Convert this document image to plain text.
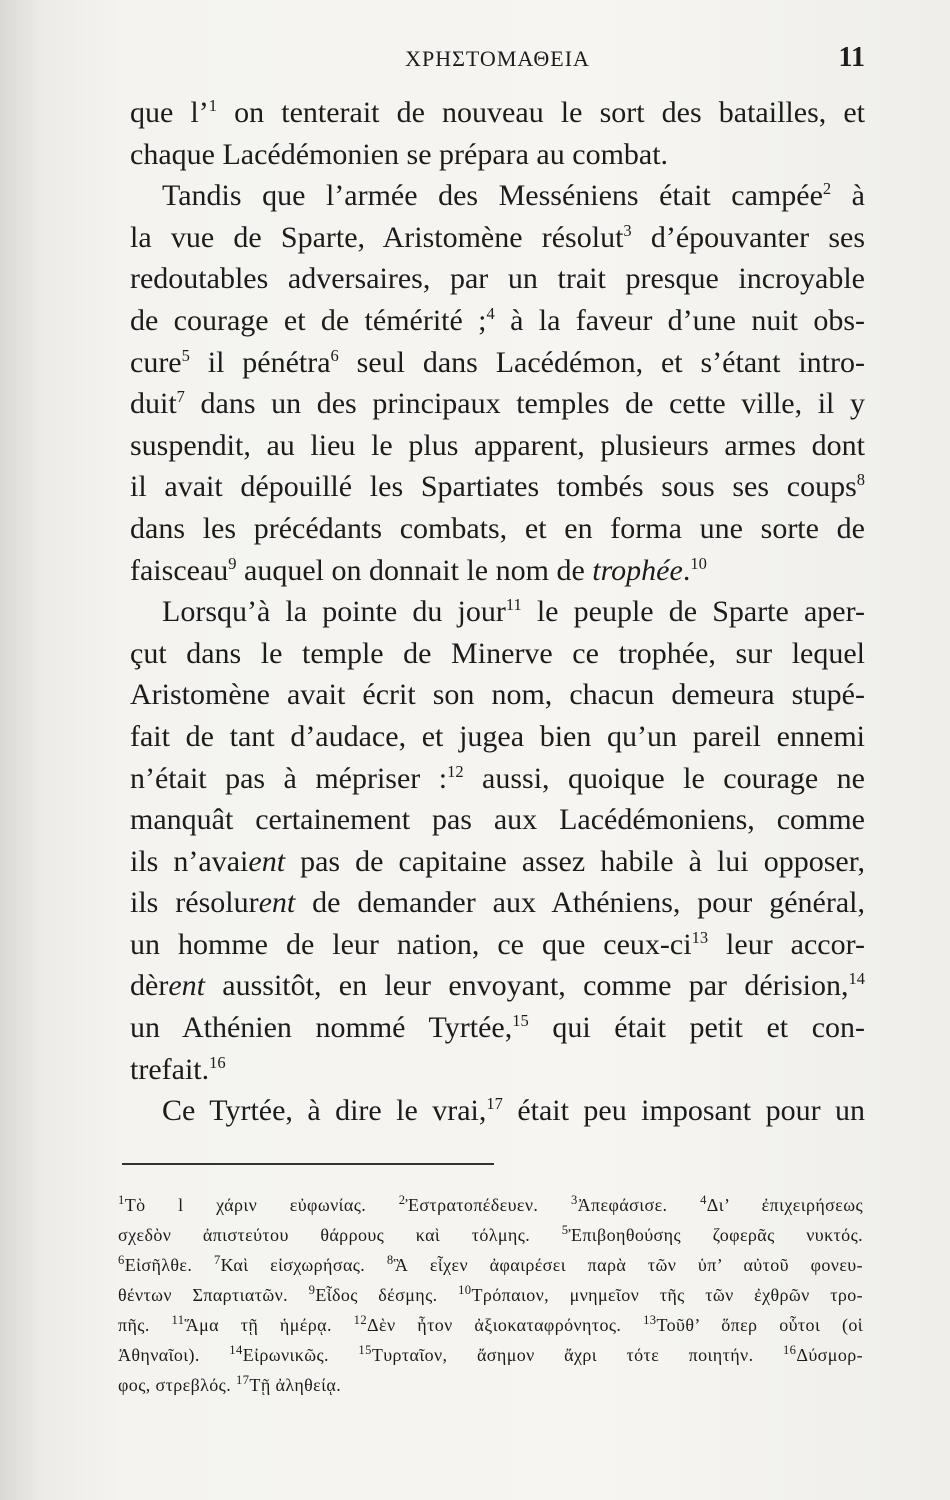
ΧΡΗΣΤΟΜΑΘΕΙΑ	11
que l’$^1$ on tenterait de nouveau le sort des batailles, et
chaque Lacédémonien se prépara au combat.
Tandis que l’armée des Messéniens était campée$^2$ à
la vue de Sparte, Aristomène résolut$^3$ d’épouvanter ses
redoutables adversaires, par un trait presque incroyable
de courage et de témérité ;$^4$ à la faveur d’une nuit obs-
cure$^5$ il pénétra$^6$ seul dans Lacédémon, et s’étant intro-
duit$^7$ dans un des principaux temples de cette ville, il y
suspendit, au lieu le plus apparent, plusieurs armes dont
il avait dépouillé les Spartiates tombés sous ses coups$^8$
dans les précédants combats, et en forma une sorte de
faisceau$^9$ auquel on donnait le nom de trophée.$^{10}$
Lorsqu’à la pointe du jour$^{11}$ le peuple de Sparte aper-
çut dans le temple de Minerve ce trophée, sur lequel
Aristomène avait écrit son nom, chacun demeura stupé-
fait de tant d’audace, et jugea bien qu’un pareil ennemi
n’était pas à mépriser :$^{12}$ aussi, quoique le courage ne
manquât certainement pas aux Lacédémoniens, comme
ils n’avaient pas de capitaine assez habile à lui opposer,
ils résolurent de demander aux Athéniens, pour général,
un homme de leur nation, ce que ceux-$ci^{13}$ leur accor-
dèrent aussitôt, en leur envoyant, comme par dérision,$^{14}$
un Athénien nommé Tyrtée,$^{15}$ qui était petit et con-
trefait.$^{16}$
Ce Tyrtée, à dire le vrai,$^{17}$ était peu imposant pour un
$^1$Τὸ l χάριν εὐφωνίας. $^2$Ἐστρατοπέδευεν. $^3$Ἀπεφάσισε. $^4$Δι’ ἐπιχειρήσεως
σχεδὸν ἀπιστεύτου θάρρους καὶ τόλμης. $^5$Ἐπιβοηθούσης ζοφερᾶς νυκτός.
$^6$Εἰσῆλθε. $^7$Καὶ εἰσχωρήσας. $^8$Ἃ εἶχεν ἀφαιρέσει παρὰ τῶν ὑπ’ αὐτοῦ φονευ-
θέντων Σπαρτιατῶν. $^9$Εἶδος δέσμης. $^{10}$Τρόπαιον, μνημεῖον τῆς τῶν ἐχθρῶν τρο-
πῆς. $^{11}$Ἅμα τῇ ἡμέρᾳ. $^{12}$Δὲν ἦτον ἀξιοκαταφρόνητος. $^{13}$Τοῦθ’ ὅπερ οὗτοι (οἱ
Ἀθηναῖοι). $^{14}$Εἰρωνικῶς. $^{15}$Τυρταῖον, ἄσημον ἄχρι τότε ποιητήν. $^{16}$Δύσμορ-
φος, στρεβλός. $^{17}$Τῇ ἀληθείᾳ.
